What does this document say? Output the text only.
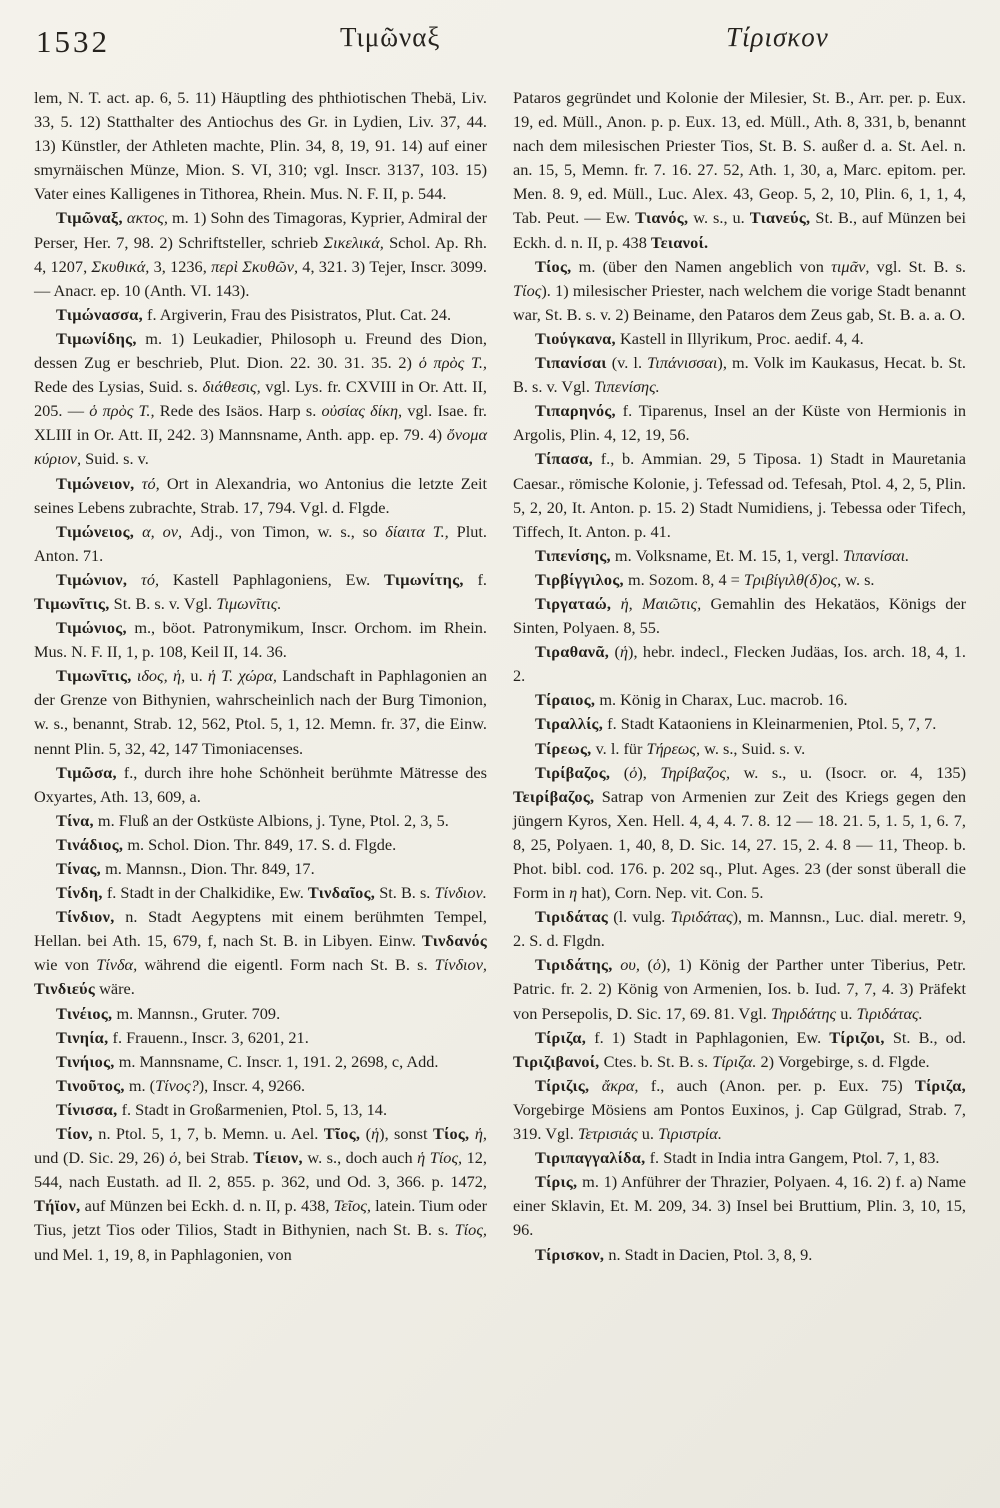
1532	Τιμῶναξ	Τίρισκον

lem, N. T. act. ap. 6, 5. 11) Häuptling des phthiotischen Thebä, Liv. 33, 5. 12) Statthalter des Antiochus des Gr. in Lydien, Liv. 37, 44. 13) Künstler, der Athleten machte, Plin. 34, 8, 19, 91. 14) auf einer smyrnäischen Münze, Mion. S. VI, 310; vgl. Inscr. 3137, 103. 15) Vater eines Kalligenes in Tithorea, Rhein. Mus. N. F. II, p. 544.

Τιμῶναξ, ακτος, m. 1) Sohn des Timagoras, Kyprier, Admiral der Perser, Her. 7, 98. 2) Schriftsteller, schrieb Σικελικά, Schol. Ap. Rh. 4, 1207, Σκυθικά, 3, 1236, περὶ Σκυθῶν, 4, 321. 3) Tejer, Inscr. 3099. — Anacr. ep. 10 (Anth. VI. 143).

Τιμώνασσα, f. Argiverin, Frau des Pisistratos, Plut. Cat. 24.

Τιμωνίδης, m. 1) Leukadier, Philosoph u. Freund des Dion, dessen Zug er beschrieb, Plut. Dion. 22. 30. 31. 35. 2) ὁ πρὸς Τ., Rede des Lysias, Suid. s. διάθεσις, vgl. Lys. fr. CXVIII in Or. Att. II, 205. — ὁ πρὸς Τ., Rede des Isäos. Harp s. οὐσίας δίκη, vgl. Isae. fr. XLIII in Or. Att. II, 242. 3) Mannsname, Anth. app. ep. 79. 4) ὄνομα κύριον, Suid. s. v.

Τιμώνειον, τό, Ort in Alexandria, wo Antonius die letzte Zeit seines Lebens zubrachte, Strab. 17, 794. Vgl. d. Flgde.

Τιμώνειος, α, ον, Adj., von Timon, w. s., so δίαιτα Τ., Plut. Anton. 71.

Τιμώνιον, τό, Kastell Paphlagoniens, Ew. Τιμωνίτης, f. Τιμωνῖτις, St. B. s. v. Vgl. Τιμωνῖτις.

Τιμώνιος, m., böot. Patronymikum, Inscr. Orchom. im Rhein. Mus. N. F. II, 1, p. 108, Keil II, 14. 36.

Τιμωνῖτις, ιδος, ἡ, u. ἡ Τ. χώρα, Landschaft in Paphlagonien an der Grenze von Bithynien, wahrscheinlich nach der Burg Timonion, w. s., benannt, Strab. 12, 562, Ptol. 5, 1, 12. Memn. fr. 37, die Einw. nennt Plin. 5, 32, 42, 147 Timoniacenses.

Τιμῶσα, f., durch ihre hohe Schönheit berühmte Mätresse des Oxyartes, Ath. 13, 609, a.

Τίνα, m. Fluß an der Ostküste Albions, j. Tyne, Ptol. 2, 3, 5.

Τινάδιος, m. Schol. Dion. Thr. 849, 17. S. d. Flgde.

Τίνας, m. Mannsn., Dion. Thr. 849, 17.

Τίνδη, f. Stadt in der Chalkidike, Ew. Τινδαῖος, St. B. s. Τίνδιον.

Τίνδιον, n. Stadt Aegyptens mit einem berühmten Tempel, Hellan. bei Ath. 15, 679, f, nach St. B. in Libyen. Einw. Τινδανός wie von Τίνδα, während die eigentl. Form nach St. B. s. Τίνδιον, Τινδιεύς wäre.

Τινέιος, m. Mannsn., Gruter. 709.

Τινηία, f. Frauenn., Inscr. 3, 6201, 21.

Τινήιος, m. Mannsname, C. Inscr. 1, 191. 2, 2698, c, Add.

Τινοῦτος, m. (Τίνος?), Inscr. 4, 9266.

Τίνισσα, f. Stadt in Großarmenien, Ptol. 5, 13, 14.

Τίον, n. Ptol. 5, 1, 7, b. Memn. u. Ael. Τῖος, (ἡ), sonst Τίος, ἡ, und (D. Sic. 29, 26) ὁ, bei Strab. Τίειον, w. s., doch auch ἡ Τίος, 12, 544, nach Eustath. ad Il. 2, 855. p. 362, und Od. 3, 366. p. 1472, Τήϊον, auf Münzen bei Eckh. d. n. II, p. 438, Τεῖος, latein. Tium oder Tius, jetzt Tios oder Tilios, Stadt in Bithynien, nach St. B. s. Τίος, und Mel. 1, 19, 8, in Paphlagonien, von

Pataros gegründet und Kolonie der Milesier, St. B., Arr. per. p. Eux. 19, ed. Müll., Anon. p. p. Eux. 13, ed. Müll., Ath. 8, 331, b, benannt nach dem milesischen Priester Tios, St. B. S. außer d. a. St. Ael. n. an. 15, 5, Memn. fr. 7. 16. 27. 52, Ath. 1, 30, a, Marc. epitom. per. Men. 8. 9, ed. Müll., Luc. Alex. 43, Geop. 5, 2, 10, Plin. 6, 1, 1, 4, Tab. Peut. — Ew. Τιανός, w. s., u. Τιανεύς, St. B., auf Münzen bei Eckh. d. n. II, p. 438 Τειανοί.

Τίος, m. (über den Namen angeblich von τιμᾶν, vgl. St. B. s. Τίος). 1) milesischer Priester, nach welchem die vorige Stadt benannt war, St. B. s. v. 2) Beiname, den Pataros dem Zeus gab, St. B. a. a. O.

Τιούγκανα, Kastell in Illyrikum, Proc. aedif. 4, 4.

Τιπανίσαι (v. l. Τιπάνισσαι), m. Volk im Kaukasus, Hecat. b. St. B. s. v. Vgl. Τιπενίσης.

Τιπαρηνός, f. Tiparenus, Insel an der Küste von Hermionis in Argolis, Plin. 4, 12, 19, 56.

Τίπασα, f., b. Ammian. 29, 5 Tiposa. 1) Stadt in Mauretania Caesar., römische Kolonie, j. Tefessad od. Tefesah, Ptol. 4, 2, 5, Plin. 5, 2, 20, It. Anton. p. 15. 2) Stadt Numidiens, j. Tebessa oder Tifech, Tiffech, It. Anton. p. 41.

Τιπενίσης, m. Volksname, Et. M. 15, 1, vergl. Τιπανίσαι.

Τιρβίγγιλος, m. Sozom. 8, 4 = Τριβίγιλθ(δ)ος, w. s.

Τιργαταώ, ἡ, Μαιῶτις, Gemahlin des Hekatäos, Königs der Sinten, Polyaen. 8, 55.

Τιραθανᾶ, (ἡ), hebr. indecl., Flecken Judäas, Ios. arch. 18, 4, 1. 2.

Τίραιος, m. König in Charax, Luc. macrob. 16.

Τιραλλίς, f. Stadt Kataoniens in Kleinarmenien, Ptol. 5, 7, 7.

Τίρεως, v. l. für Τήρεως, w. s., Suid. s. v.

Τιρίβαζος, (ὁ), Τηρίβαζος, w. s., u. (Isocr. or. 4, 135) Τειρίβαζος, Satrap von Armenien zur Zeit des Kriegs gegen den jüngern Kyros, Xen. Hell. 4, 4, 4. 7. 8. 12 — 18. 21. 5, 1. 5, 1, 6. 7, 8, 25, Polyaen. 1, 40, 8, D. Sic. 14, 27. 15, 2. 4. 8 — 11, Theop. b. Phot. bibl. cod. 176. p. 202 sq., Plut. Ages. 23 (der sonst überall die Form in η hat), Corn. Nep. vit. Con. 5.

Τιριδάτας (l. vulg. Τιριδάτας), m. Mannsn., Luc. dial. meretr. 9, 2. S. d. Flgdn.

Τιριδάτης, ου, (ὁ), 1) König der Parther unter Tiberius, Petr. Patric. fr. 2. 2) König von Armenien, Ios. b. Iud. 7, 7, 4. 3) Präfekt von Persepolis, D. Sic. 17, 69. 81. Vgl. Τηριδάτης u. Τιριδάτας.

Τίριζα, f. 1) Stadt in Paphlagonien, Ew. Τίριζοι, St. B., od. Τιριζιβανοί, Ctes. b. St. B. s. Τίριζα. 2) Vorgebirge, s. d. Flgde.

Τίριζις, ἄκρα, f., auch (Anon. per. p. Eux. 75) Τίριζα, Vorgebirge Mösiens am Pontos Euxinos, j. Cap Gülgrad, Strab. 7, 319. Vgl. Τετρισιάς u. Τιριστρία.

Τιριπαγγαλίδα, f. Stadt in India intra Gangem, Ptol. 7, 1, 83.

Τίρις, m. 1) Anführer der Thrazier, Polyaen. 4, 16. 2) f. a) Name einer Sklavin, Et. M. 209, 34. 3) Insel bei Bruttium, Plin. 3, 10, 15, 96.

Τίρισκον, n. Stadt in Dacien, Ptol. 3, 8, 9.
